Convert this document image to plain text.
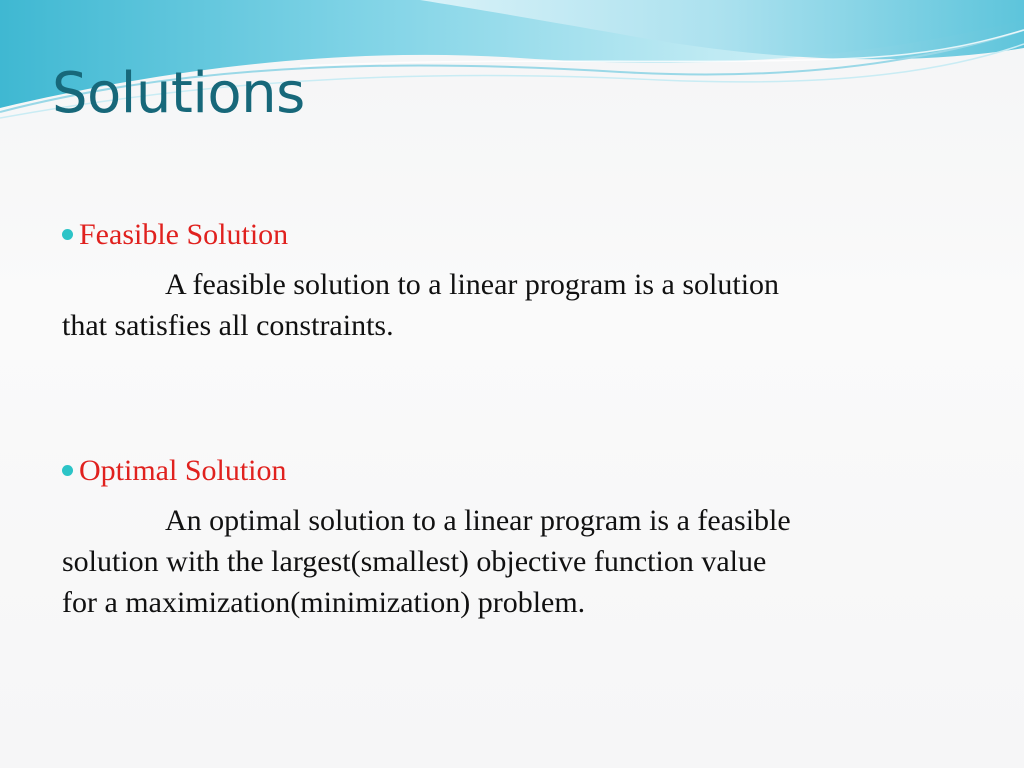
Solutions
Feasible Solution

A feasible solution to a linear program is a solution
that satisfies all constraints.

Optimal Solution

An optimal solution to a linear program is a feasible
solution with the largest(smallest) objective function value
for a maximization(minimization) problem.
